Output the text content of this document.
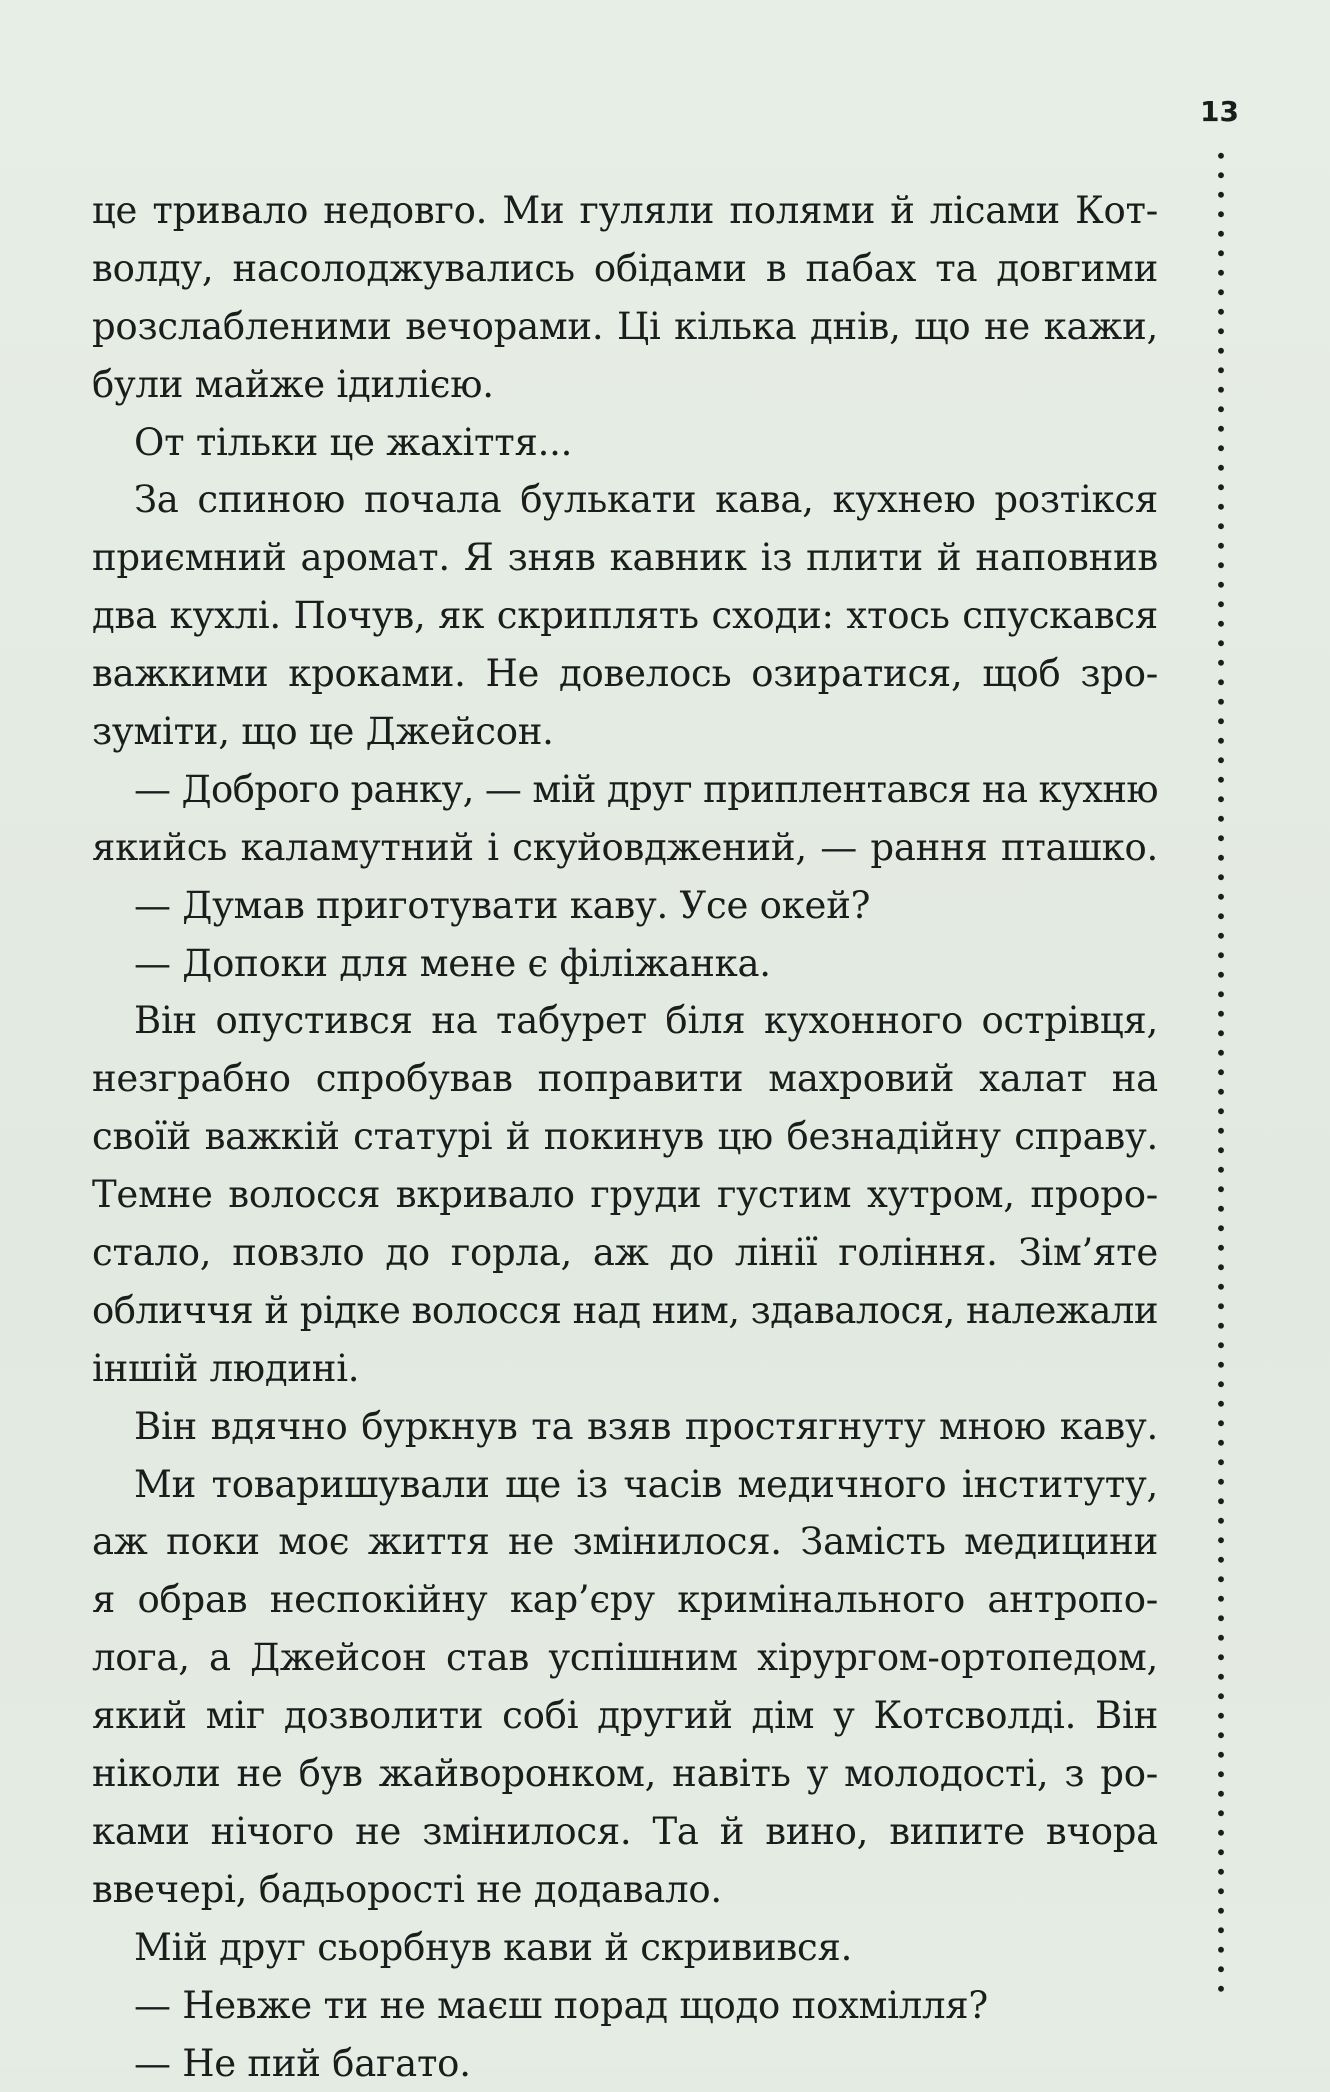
13
це тривало недовго. Ми гуляли полями й лісами Кот-
волду, насолоджувались обідами в пабах та довгими
розслабленими вечорами. Ці кілька днів, що не кажи,
були майже ідилією.
От тільки це жахіття...
За спиною почала булькати кава, кухнею розтікся
приємний аромат. Я зняв кавник із плити й наповнив
два кухлі. Почув, як скриплять сходи: хтось спускався
важкими кроками. Не довелось озиратися, щоб зро-
зуміти, що це Джейсон.
— Доброго ранку, — мій друг приплентався на кухню
якийсь каламутний і скуйовджений, — рання пташко.
— Думав приготувати каву. Усе окей?
— Допоки для мене є філіжанка.
Він опустився на табурет біля кухонного острівця,
незграбно спробував поправити махровий халат на
своїй важкій статурі й покинув цю безнадійну справу.
Темне волосся вкривало груди густим хутром, проро-
стало, повзло до горла, аж до лінії гоління. Зім’яте
обличчя й рідке волосся над ним, здавалося, належали
іншій людині.
Він вдячно буркнув та взяв простягнуту мною каву.
Ми товаришували ще із часів медичного інституту,
аж поки моє життя не змінилося. Замість медицини
я обрав неспокійну кар’єру кримінального антропо-
лога, а Джейсон став успішним хірургом-ортопедом,
який міг дозволити собі другий дім у Котсволді. Він
ніколи не був жайворонком, навіть у молодості, з ро-
ками нічого не змінилося. Та й вино, випите вчора
ввечері, бадьорості не додавало.
Мій друг сьорбнув кави й скривився.
— Невже ти не маєш порад щодо похмілля?
— Не пий багато.
